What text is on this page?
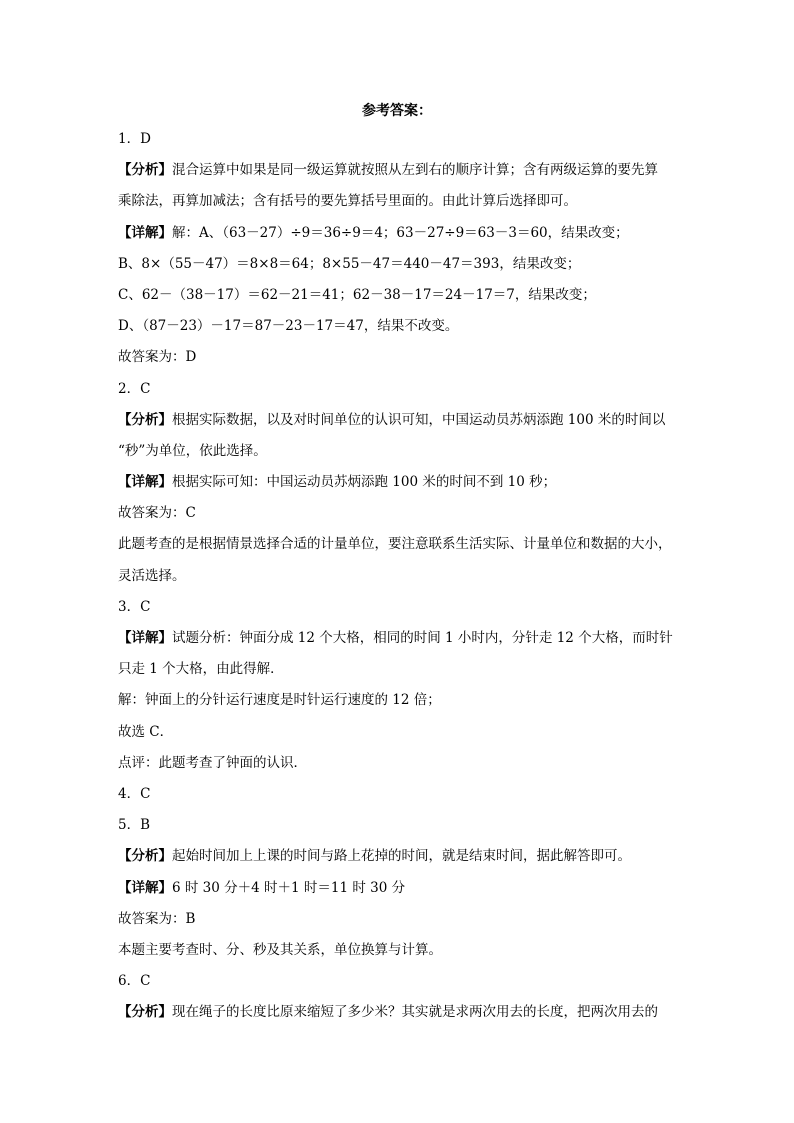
参考答案：
1．D
【分析】混合运算中如果是同一级运算就按照从左到右的顺序计算；含有两级运算的要先算
乘除法，再算加减法；含有括号的要先算括号里面的。由此计算后选择即可。
【详解】解：A、（63－27）÷9＝36÷9＝4；63－27÷9＝63－3＝60，结果改变；
B、8×（55－47）＝8×8＝64；8×55－47＝440－47＝393，结果改变；
C、62－（38－17）＝62－21＝41；62－38－17＝24－17＝7，结果改变；
D、（87－23）－17＝87－23－17＝47，结果不改变。
故答案为：D
2．C
【分析】根据实际数据，以及对时间单位的认识可知，中国运动员苏炳添跑 100 米的时间以
“秒”为单位，依此选择。
【详解】根据实际可知：中国运动员苏炳添跑 100 米的时间不到 10 秒；
故答案为：C
此题考查的是根据情景选择合适的计量单位，要注意联系生活实际、计量单位和数据的大小，
灵活选择。
3．C
【详解】试题分析：钟面分成 12 个大格，相同的时间 1 小时内，分针走 12 个大格，而时针
只走 1 个大格，由此得解．
解：钟面上的分针运行速度是时针运行速度的 12 倍；
故选 C．
点评：此题考查了钟面的认识．
4．C
5．B
【分析】起始时间加上上课的时间与路上花掉的时间，就是结束时间，据此解答即可。
【详解】6 时 30 分＋4 时＋1 时＝11 时 30 分
故答案为：B
本题主要考查时、分、秒及其关系，单位换算与计算。
6．C
【分析】现在绳子的长度比原来缩短了多少米？其实就是求两次用去的长度，把两次用去的
